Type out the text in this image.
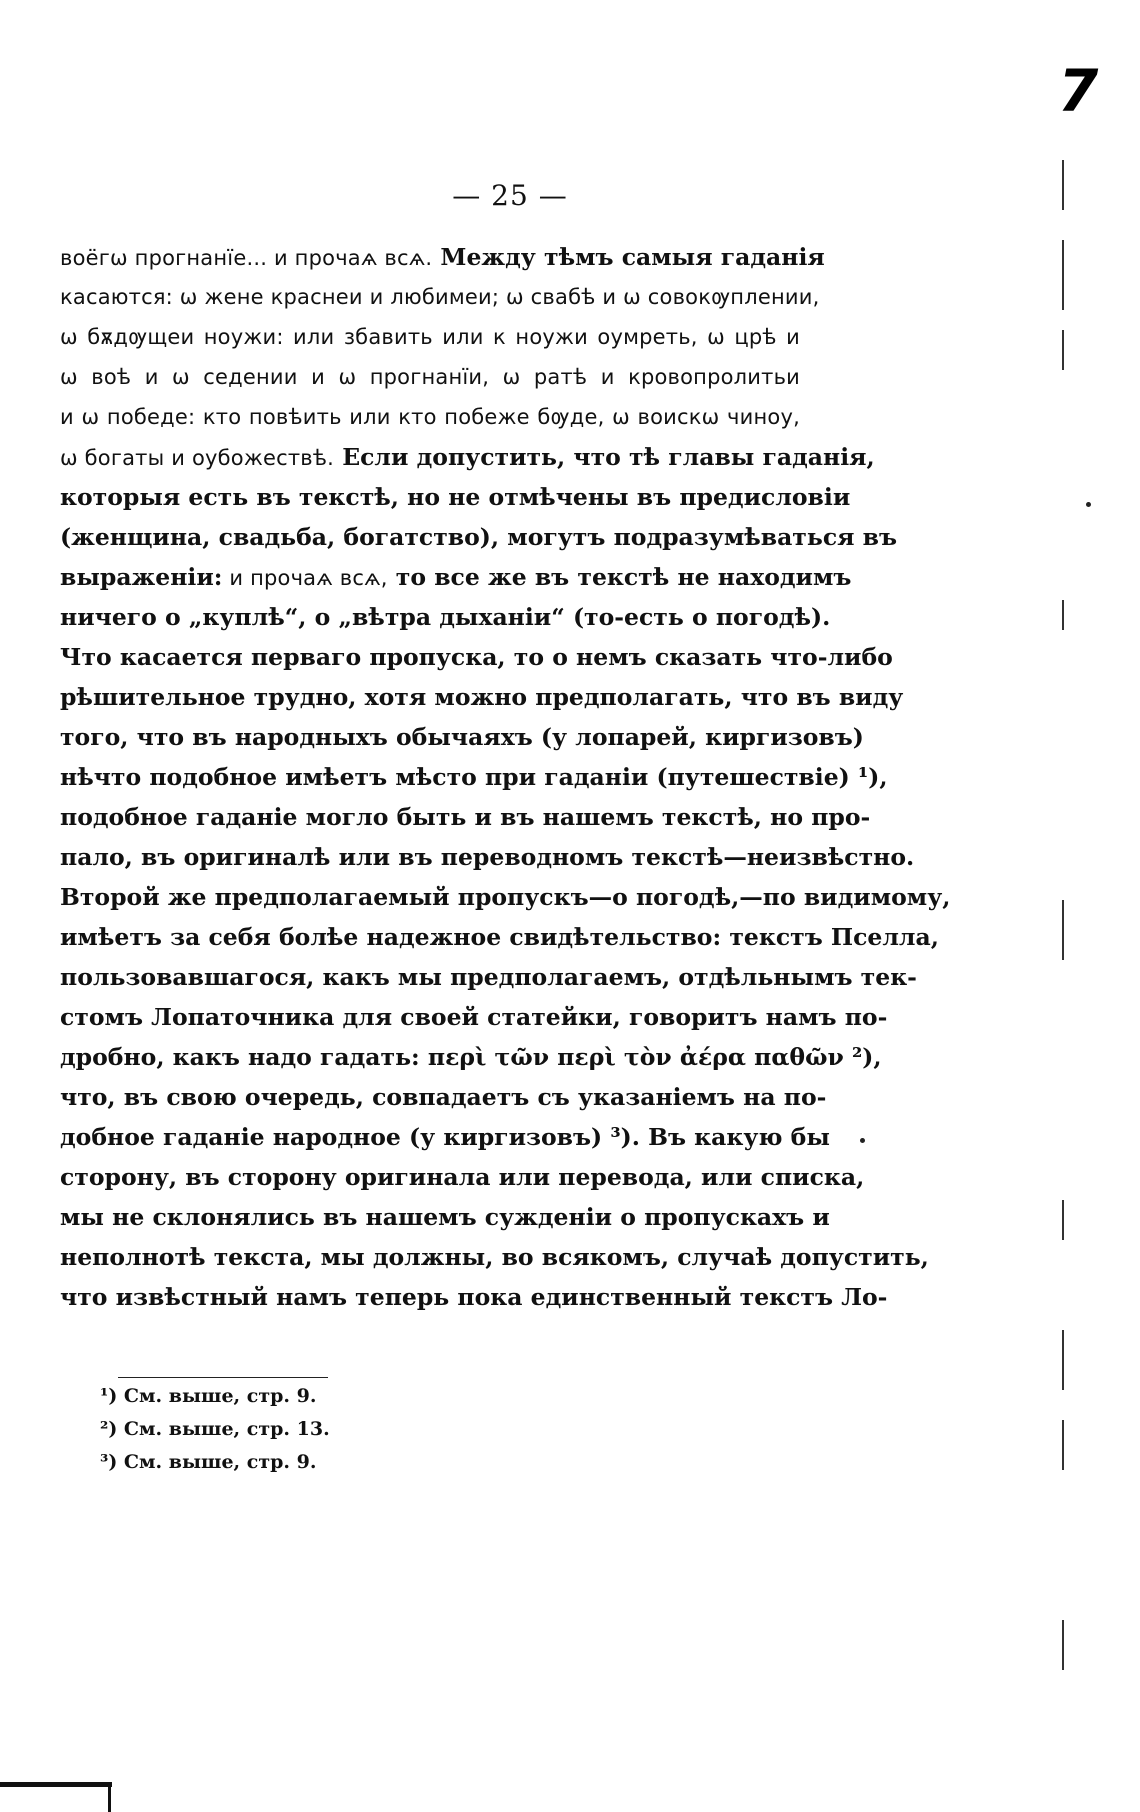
7
— 25 —
воёгѡ прогнанїе... и прочаѧ всѧ. Между тѣмъ самыя гаданія
касаются: ѡ жене краснеи и любимеи; ѡ свабѣ и ѡ совокѹплении,
ѡ бѫдѹщеи ноужи: или збавить или к ноужи оумреть, ѡ црѣ и
ѡ воѣ и ѡ седении и ѡ прогнанїи, ѡ ратѣ и кровопролитьи
и ѡ победе: кто повѣить или кто побеже бѹде, ѡ воискѡ чиноу,
ѡ богаты и оубожествѣ. Если допустить, что тѣ главы гаданія,
которыя есть въ текстѣ, но не отмѣчены въ предисловіи
(женщина, свадьба, богатство), могутъ подразумѣваться въ
выраженіи: и прочаѧ всѧ, то все же въ текстѣ не находимъ
ничего о „куплѣ“, о „вѣтра дыханіи“ (то-есть о погодѣ).
Что касается перваго пропуска, то о немъ сказать что-либо
рѣшительное трудно, хотя можно предполагать, что въ виду
того, что въ народныхъ обычаяхъ (у лопарей, киргизовъ)
нѣчто подобное имѣетъ мѣсто при гаданіи (путешествіе) ¹),
подобное гаданіе могло быть и въ нашемъ текстѣ, но про-
пало, въ оригиналѣ или въ переводномъ текстѣ—неизвѣстно.
Второй же предполагаемый пропускъ—о погодѣ,—по видимому,
имѣетъ за себя болѣе надежное свидѣтельство: текстъ Пселла,
пользовавшагося, какъ мы предполагаемъ, отдѣльнымъ тек-
стомъ Лопаточника для своей статейки, говоритъ намъ по-
дробно, какъ надо гадать: περὶ τῶν περὶ τὸν ἀέρα παθῶν ²),
что, въ свою очередь, совпадаетъ съ указаніемъ на по-
добное гаданіе народное (у киргизовъ) ³). Въ какую бы
сторону, въ сторону оригинала или перевода, или списка,
мы не склонялись въ нашемъ сужденіи о пропускахъ и
неполнотѣ текста, мы должны, во всякомъ, случаѣ допустить,
что извѣстный намъ теперь пока единственный текстъ Ло-
¹) См. выше, стр. 9.
²) См. выше, стр. 13.
³) См. выше, стр. 9.
